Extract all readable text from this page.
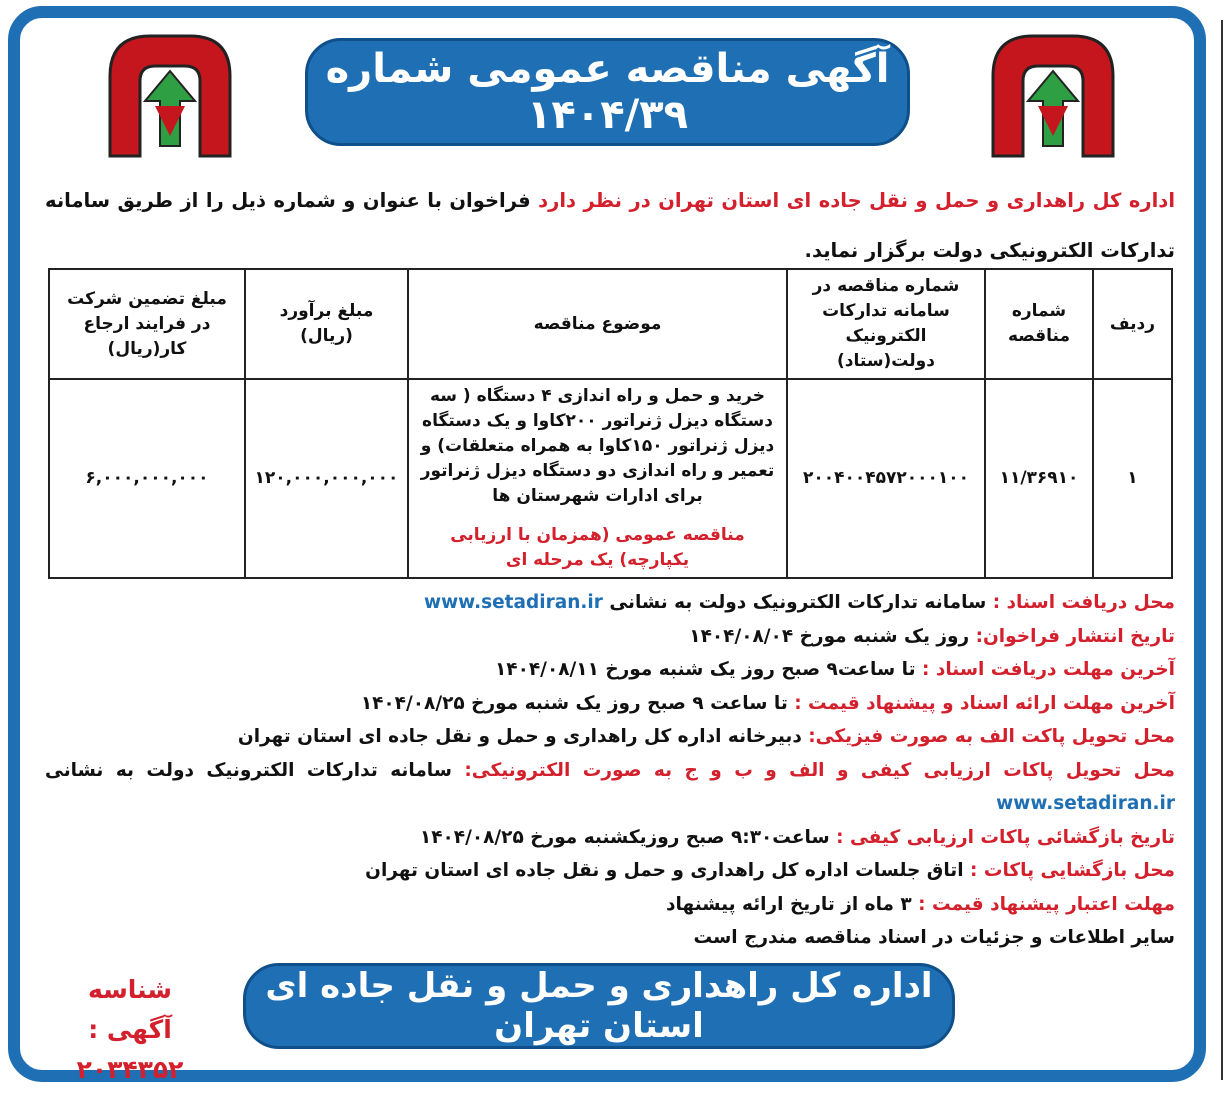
آگهی مناقصه عمومی شماره ۱۴۰۴/۳۹
اداره کل راهداری و حمل و نقل جاده ای استان تهران در نظر دارد فراخوان با عنوان و شماره ذیل را از طریق سامانه تدارکات الکترونیکی دولت برگزار نماید.
ردیف	شماره مناقصه	شماره مناقصه در سامانه تدارکات الکترونیک دولت(ستاد)	موضوع مناقصه	مبلغ برآورد (ریال)	مبلغ تضمین شرکت در فرایند ارجاع کار(ریال)
۱	۱۱/۳۶۹۱۰	۲۰۰۴۰۰۴۵۷۲۰۰۰۱۰۰	خرید و حمل و راه اندازی ۴ دستگاه ( سه دستگاه دیزل ژنراتور ۲۰۰کاوا و یک دستگاه دیزل ژنراتور ۱۵۰کاوا به همراه متعلقات) و تعمیر و راه اندازی دو دستگاه دیزل ژنراتور برای ادارات شهرستان ها
مناقصه عمومی (همزمان با ارزیابی یکپارچه) یک مرحله ای	۱۲۰,۰۰۰,۰۰۰,۰۰۰	۶,۰۰۰,۰۰۰,۰۰۰
محل دریافت اسناد : سامانه تدارکات الکترونیک دولت به نشانی www.setadiran.ir
تاریخ انتشار فراخوان: روز یک شنبه مورخ ۱۴۰۴/۰۸/۰۴
آخرین مهلت دریافت اسناد : تا ساعت۹ صبح روز یک شنبه مورخ ۱۴۰۴/۰۸/۱۱
آخرین مهلت ارائه اسناد و پیشنهاد قیمت : تا ساعت ۹ صبح روز یک شنبه مورخ ۱۴۰۴/۰۸/۲۵
محل تحویل پاکت الف به صورت فیزیکی: دبیرخانه اداره کل راهداری و حمل و نقل جاده ای استان تهران
محل تحویل پاکات ارزیابی کیفی و الف و ب و ج به صورت الکترونیکی: سامانه تدارکات الکترونیک دولت به نشانی
www.setadiran.ir
تاریخ بازگشائی پاکات ارزیابی کیفی : ساعت۹:۳۰ صبح روزیکشنبه مورخ ۱۴۰۴/۰۸/۲۵
محل بازگشایی پاکات : اتاق جلسات اداره کل راهداری و حمل و نقل جاده ای استان تهران
مهلت اعتبار پیشنهاد قیمت : ۳ ماه از تاریخ ارائه پیشنهاد
سایر اطلاعات و جزئیات در اسناد مناقصه مندرج است
شناسه آگهی :
۲۰۳۴۳۵۲
اداره کل راهداری و حمل و نقل جاده ای استان تهران
